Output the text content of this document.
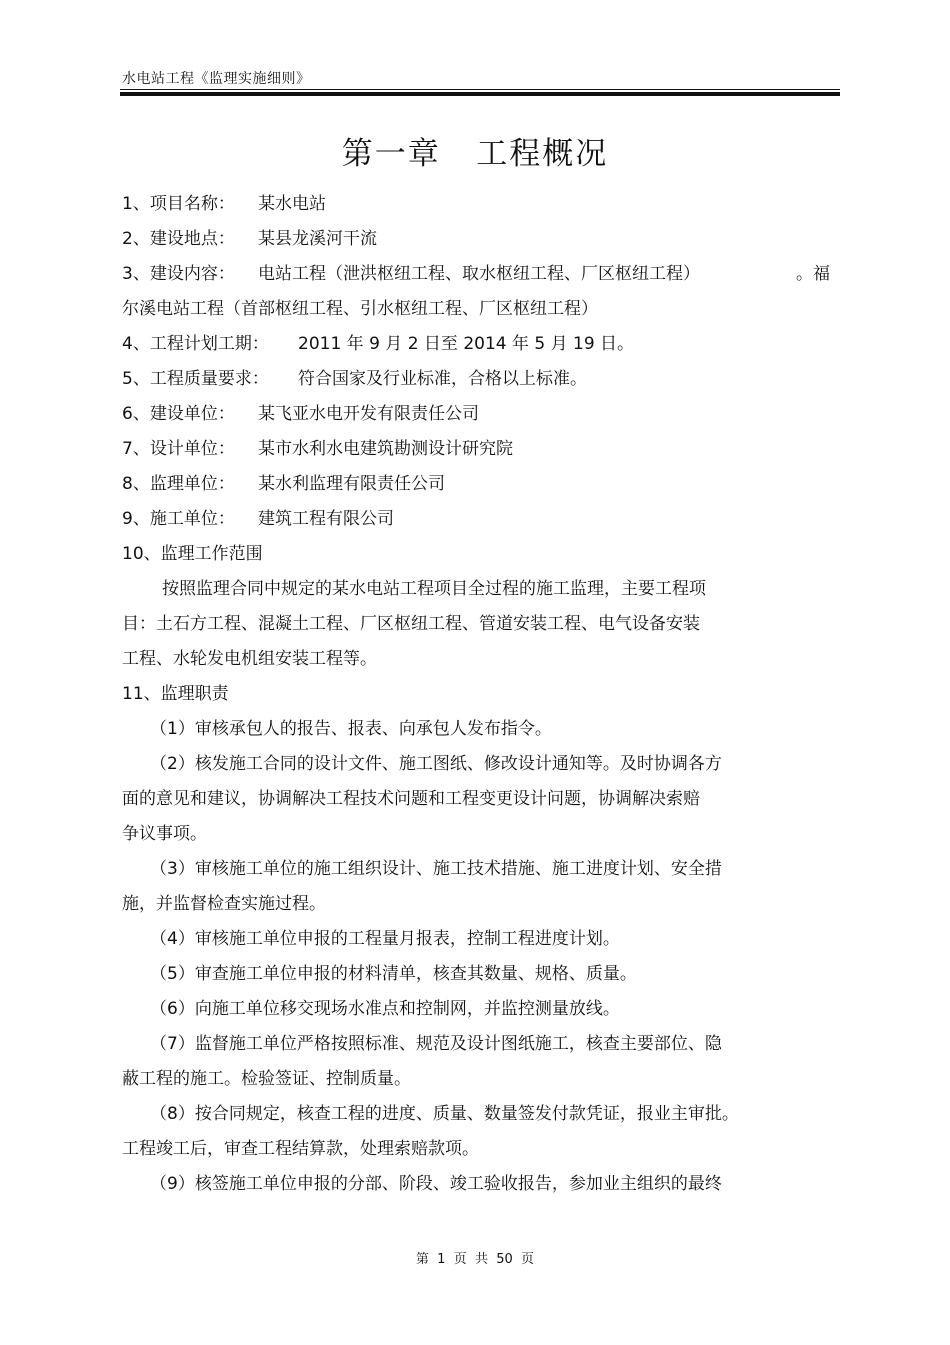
水电站工程《监理实施细则》
第一章   工程概况
1、项目名称： 某水电站
2、建设地点： 某县龙溪河干流
3、建设内容： 电站工程（泄洪枢纽工程、取水枢纽工程、厂区枢纽工程）	。福
尔溪电站工程（首部枢纽工程、引水枢纽工程、厂区枢纽工程）
4、工程计划工期： 2011 年 9 月 2 日至 2014 年 5 月 19 日。
5、工程质量要求： 符合国家及行业标准，合格以上标准。
6、建设单位： 某飞亚水电开发有限责任公司
7、设计单位： 某市水利水电建筑勘测设计研究院
8、监理单位： 某水利监理有限责任公司
9、施工单位： 建筑工程有限公司
10、监理工作范围
按照监理合同中规定的某水电站工程项目全过程的施工监理，主要工程项
目：土石方工程、混凝土工程、厂区枢纽工程、管道安装工程、电气设备安装
工程、水轮发电机组安装工程等。
11、监理职责
（1）审核承包人的报告、报表、向承包人发布指令。
（2）核发施工合同的设计文件、施工图纸、修改设计通知等。及时协调各方
面的意见和建议，协调解决工程技术问题和工程变更设计问题，协调解决索赔
争议事项。
（3）审核施工单位的施工组织设计、施工技术措施、施工进度计划、安全措
施，并监督检查实施过程。
（4）审核施工单位申报的工程量月报表，控制工程进度计划。
（5）审查施工单位申报的材料清单，核查其数量、规格、质量。
（6）向施工单位移交现场水准点和控制网，并监控测量放线。
（7）监督施工单位严格按照标准、规范及设计图纸施工，核查主要部位、隐
蔽工程的施工。检验签证、控制质量。
（8）按合同规定，核查工程的进度、质量、数量签发付款凭证，报业主审批。
工程竣工后，审查工程结算款，处理索赔款项。
（9）核签施工单位申报的分部、阶段、竣工验收报告，参加业主组织的最终
第  1  页  共  50  页
